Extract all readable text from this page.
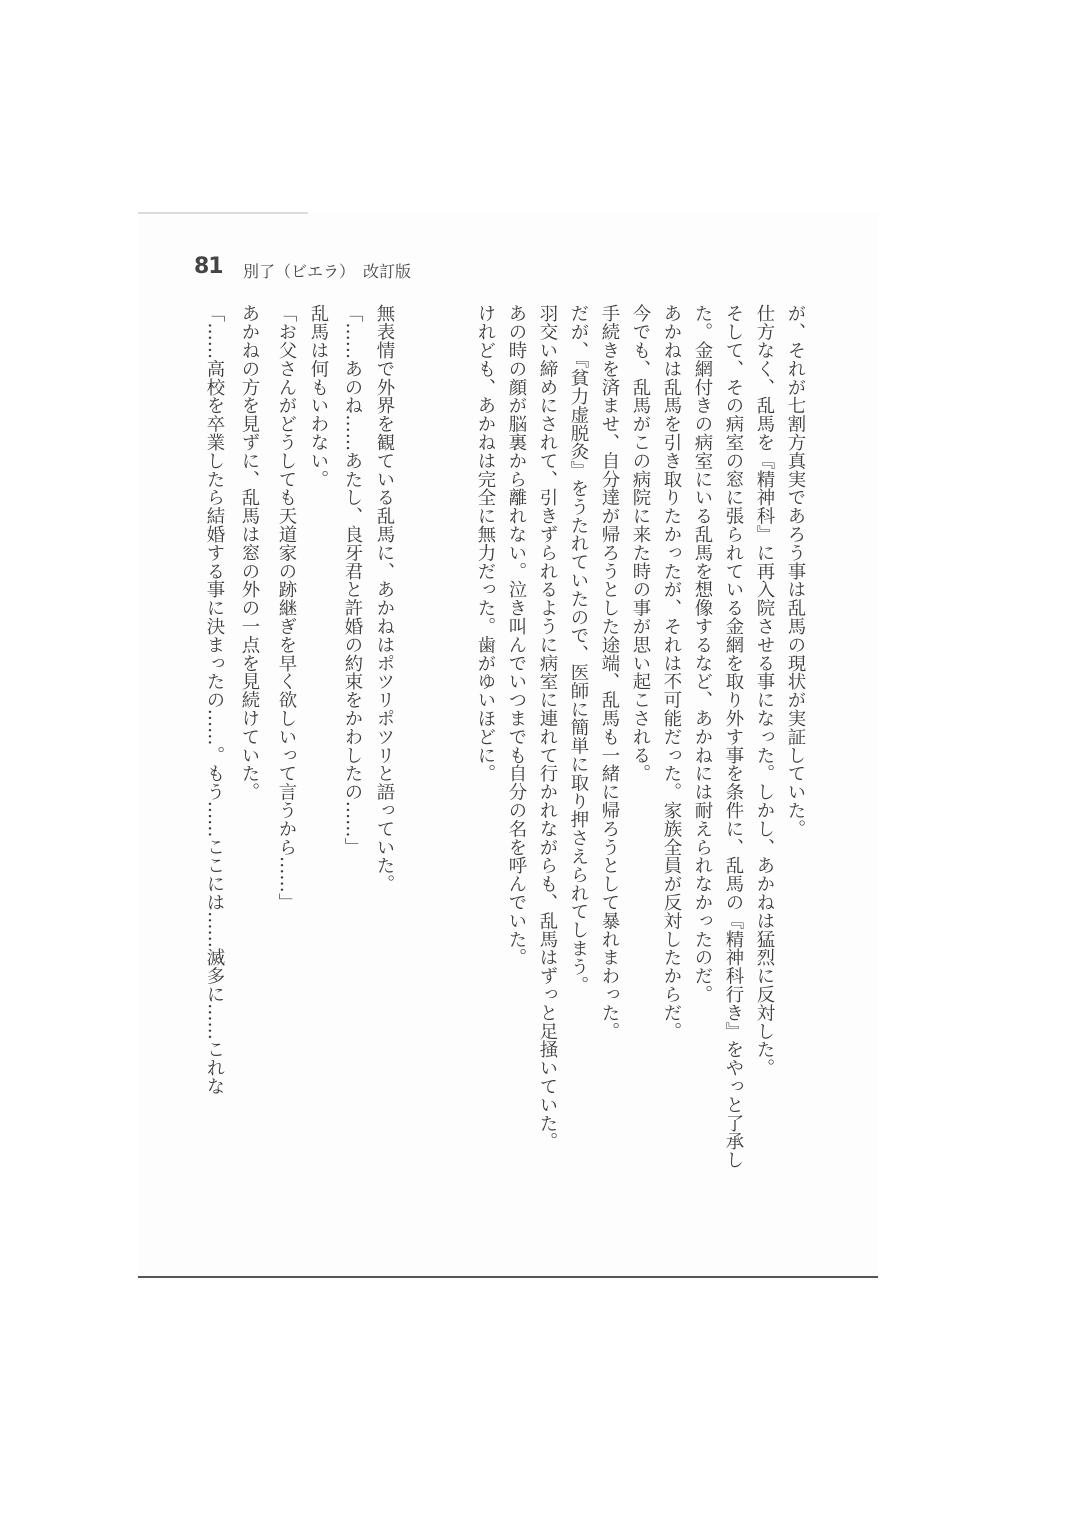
81 別了（ビエラ）　改訂版
が、それが七割方真実であろう事は乱馬の現状が実証していた。
仕方なく、乱馬を『精神科』に再入院させる事になった。しかし、あかねは猛烈に反対した。
そして、その病室の窓に張られている金網を取り外す事を条件に、乱馬の『精神科行き』をやっと了承し
た。金網付きの病室にいる乱馬を想像するなど、あかねには耐えられなかったのだ。
あかねは乱馬を引き取りたかったが、それは不可能だった。家族全員が反対したからだ。
今でも、乱馬がこの病院に来た時の事が思い起こされる。
手続きを済ませ、自分達が帰ろうとした途端、乱馬も一緒に帰ろうとして暴れまわった。
だが、『貧力虚脱灸』をうたれていたので、医師に簡単に取り押さえられてしまう。
羽交い締めにされて、引きずられるように病室に連れて行かれながらも、乱馬はずっと足掻いていた。
あの時の顔が脳裏から離れない。泣き叫んでいつまでも自分の名を呼んでいた。
けれども、あかねは完全に無力だった。歯がゆいほどに。
無表情で外界を観ている乱馬に、あかねはポツリポツリと語っていた。
「……あのね……あたし、良牙君と許婚の約束をかわしたの……」
乱馬は何もいわない。
「お父さんがどうしても天道家の跡継ぎを早く欲しいって言うから……」
あかねの方を見ずに、乱馬は窓の外の一点を見続けていた。
「……高校を卒業したら結婚する事に決まったの……。もう……ここには……滅多に……これな
